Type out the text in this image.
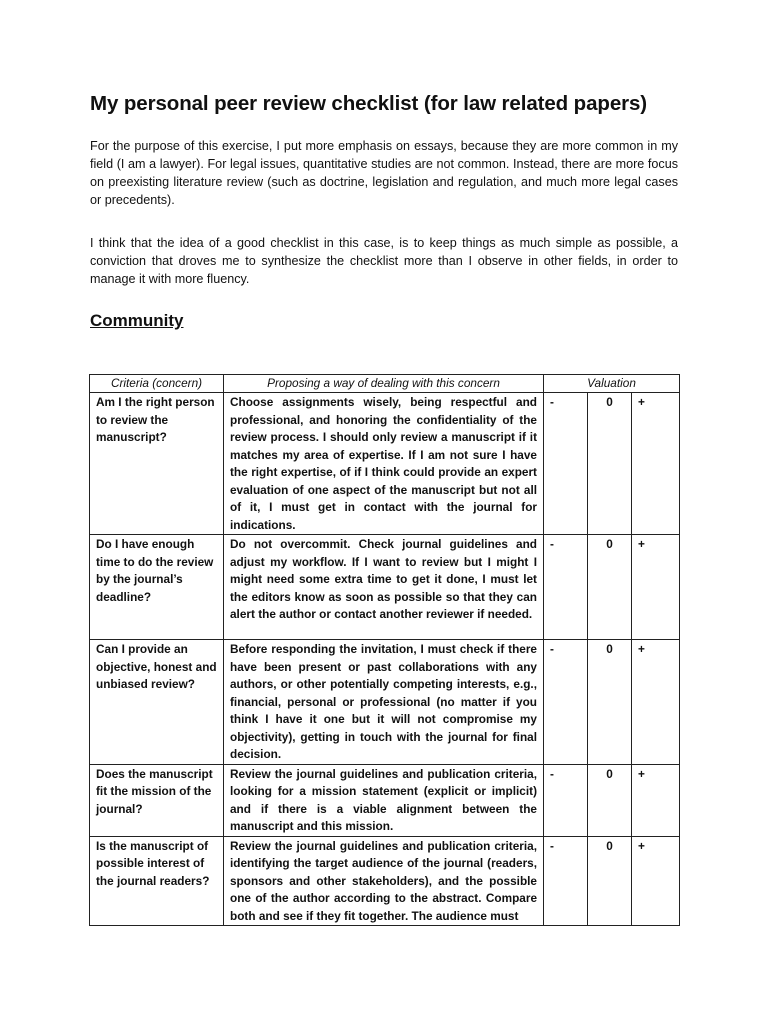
My personal peer review checklist (for law related papers)

For the purpose of this exercise, I put more emphasis on essays, because they are more common in my field (I am a lawyer). For legal issues, quantitative studies are not common. Instead, there are more focus on preexisting literature review (such as doctrine, legislation and regulation, and much more legal cases or precedents).

I think that the idea of a good checklist in this case, is to keep things as much simple as possible, a conviction that droves me to synthesize the checklist more than I observe in other fields, in order to manage it with more fluency.

Community
Criteria (concern)	Proposing a way of dealing with this concern	Valuation		
Am I the right person to review the manuscript?	Choose assignments wisely, being respectful and professional, and honoring the confidentiality of the review process. I should only review a manuscript if it matches my area of expertise. If I am not sure I have the right expertise, of if I think could provide an expert evaluation of one aspect of the manuscript but not all of it, I must get in contact with the journal for indications.	-	0	+
Do I have enough time to do the review by the journal’s deadline?	Do not overcommit. Check journal guidelines and adjust my workflow. If I want to review but I might I might need some extra time to get it done, I must let the editors know as soon as possible so that they can alert the author or contact another reviewer if needed.	-	0	+
Can I provide an objective, honest and unbiased review?	Before responding the invitation, I must check if there have been present or past collaborations with any authors, or other potentially competing interests, e.g., financial, personal or professional (no matter if you think I have it one but it will not compromise my objectivity), getting in touch with the journal for final decision.	-	0	+
Does the manuscript fit the mission of the journal?	Review the journal guidelines and publication criteria, looking for a mission statement (explicit or implicit) and if there is a viable alignment between the manuscript and this mission.	-	0	+
Is the manuscript of possible interest of the journal readers?	Review the journal guidelines and publication criteria, identifying the target audience of the journal (readers, sponsors and other stakeholders), and the possible one of the author according to the abstract. Compare both and see if they fit together. The audience must	-	0	+
